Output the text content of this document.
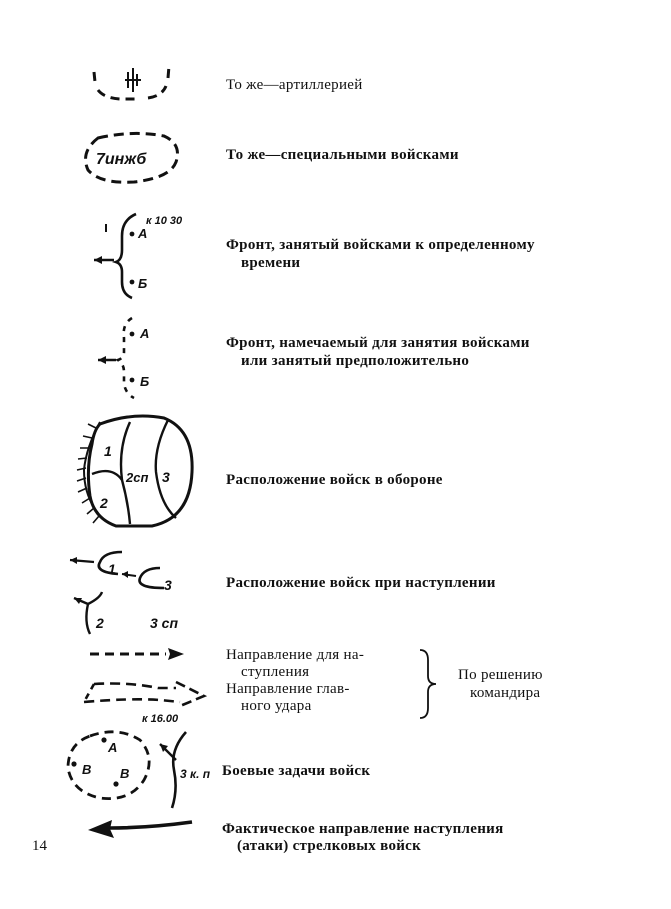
То же—артиллерией
7инжб	То же—специальными войсками
к 10 30
А
Б
Фронт, занятый войсками к определенному
времени
А
Б
Фронт, намечаемый для занятия войсками
или занятый предположительно
1
2сп 3
2
Расположение войск в обороне
1
3
2	3 сп
Расположение войск при наступлении
к 16.00
Направление для на-
ступления
Направление глав-
ного удара
По решению
командира
А
В В	3 к. п Боевые задачи войск
Фактическое направление наступления
(атаки) стрелковых войск
14
